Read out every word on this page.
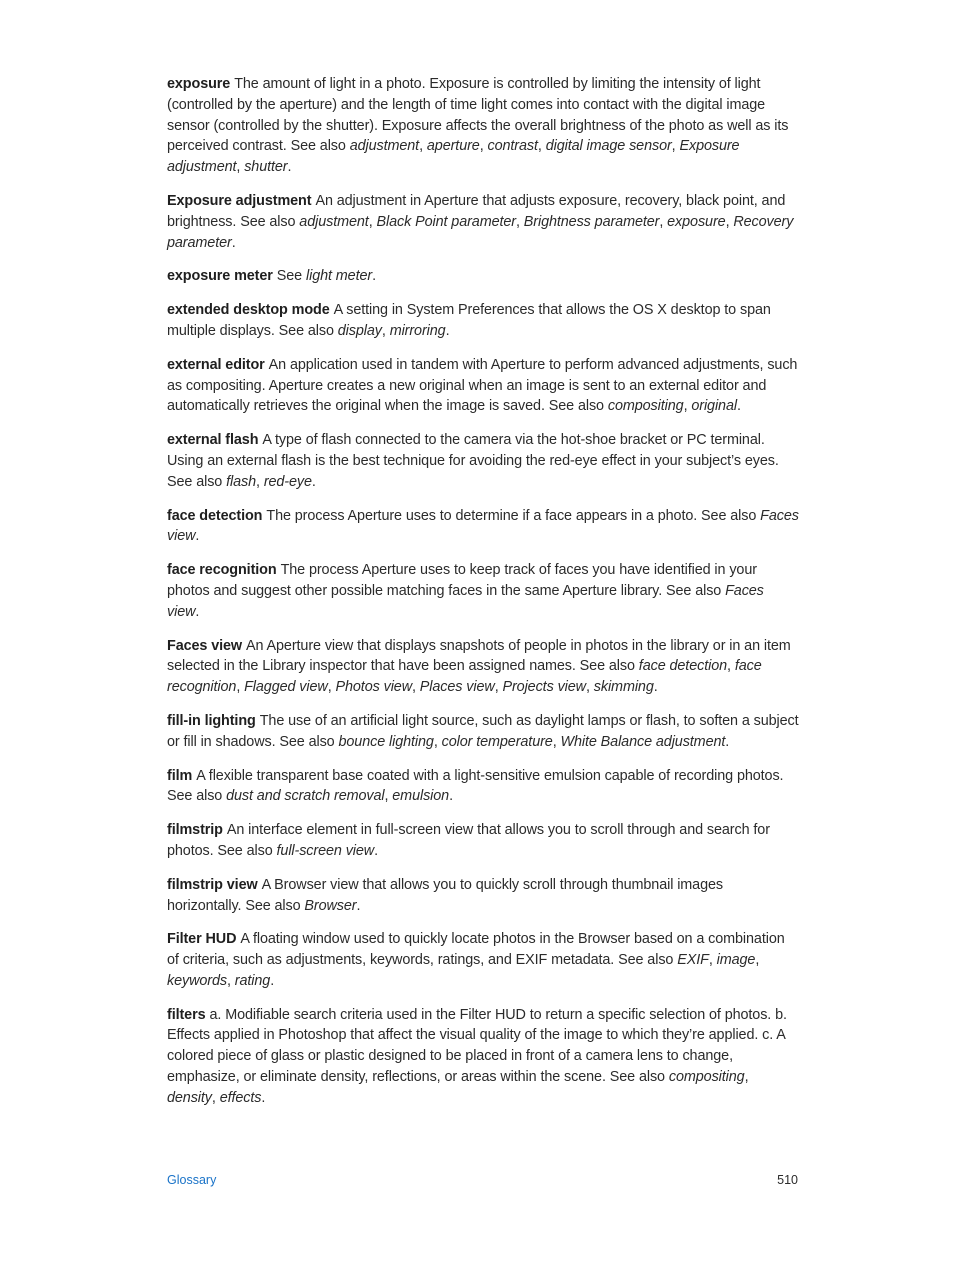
exposure The amount of light in a photo. Exposure is controlled by limiting the intensity of light (controlled by the aperture) and the length of time light comes into contact with the digital image sensor (controlled by the shutter). Exposure affects the overall brightness of the photo as well as its perceived contrast. See also adjustment, aperture, contrast, digital image sensor, Exposure adjustment, shutter.

Exposure adjustment An adjustment in Aperture that adjusts exposure, recovery, black point, and brightness. See also adjustment, Black Point parameter, Brightness parameter, exposure, Recovery parameter.

exposure meter See light meter.

extended desktop mode A setting in System Preferences that allows the OS X desktop to span multiple displays. See also display, mirroring.

external editor An application used in tandem with Aperture to perform advanced adjustments, such as compositing. Aperture creates a new original when an image is sent to an external editor and automatically retrieves the original when the image is saved. See also compositing, original.

external flash A type of flash connected to the camera via the hot-shoe bracket or PC terminal. Using an external flash is the best technique for avoiding the red-eye effect in your subject’s eyes. See also flash, red-eye.

face detection The process Aperture uses to determine if a face appears in a photo. See also Faces view.

face recognition The process Aperture uses to keep track of faces you have identified in your photos and suggest other possible matching faces in the same Aperture library. See also Faces view.

Faces view An Aperture view that displays snapshots of people in photos in the library or in an item selected in the Library inspector that have been assigned names. See also face detection, face recognition, Flagged view, Photos view, Places view, Projects view, skimming.

fill-in lighting The use of an artificial light source, such as daylight lamps or flash, to soften a subject or fill in shadows. See also bounce lighting, color temperature, White Balance adjustment.

film A flexible transparent base coated with a light-sensitive emulsion capable of recording photos. See also dust and scratch removal, emulsion.

filmstrip An interface element in full-screen view that allows you to scroll through and search for photos. See also full-screen view.

filmstrip view A Browser view that allows you to quickly scroll through thumbnail images horizontally. See also Browser.

Filter HUD A floating window used to quickly locate photos in the Browser based on a combination of criteria, such as adjustments, keywords, ratings, and EXIF metadata. See also EXIF, image, keywords, rating.

filters a. Modifiable search criteria used in the Filter HUD to return a specific selection of photos. b. Effects applied in Photoshop that affect the visual quality of the image to which they’re applied. c. A colored piece of glass or plastic designed to be placed in front of a camera lens to change, emphasize, or eliminate density, reflections, or areas within the scene. See also compositing, density, effects.

Glossary	510
